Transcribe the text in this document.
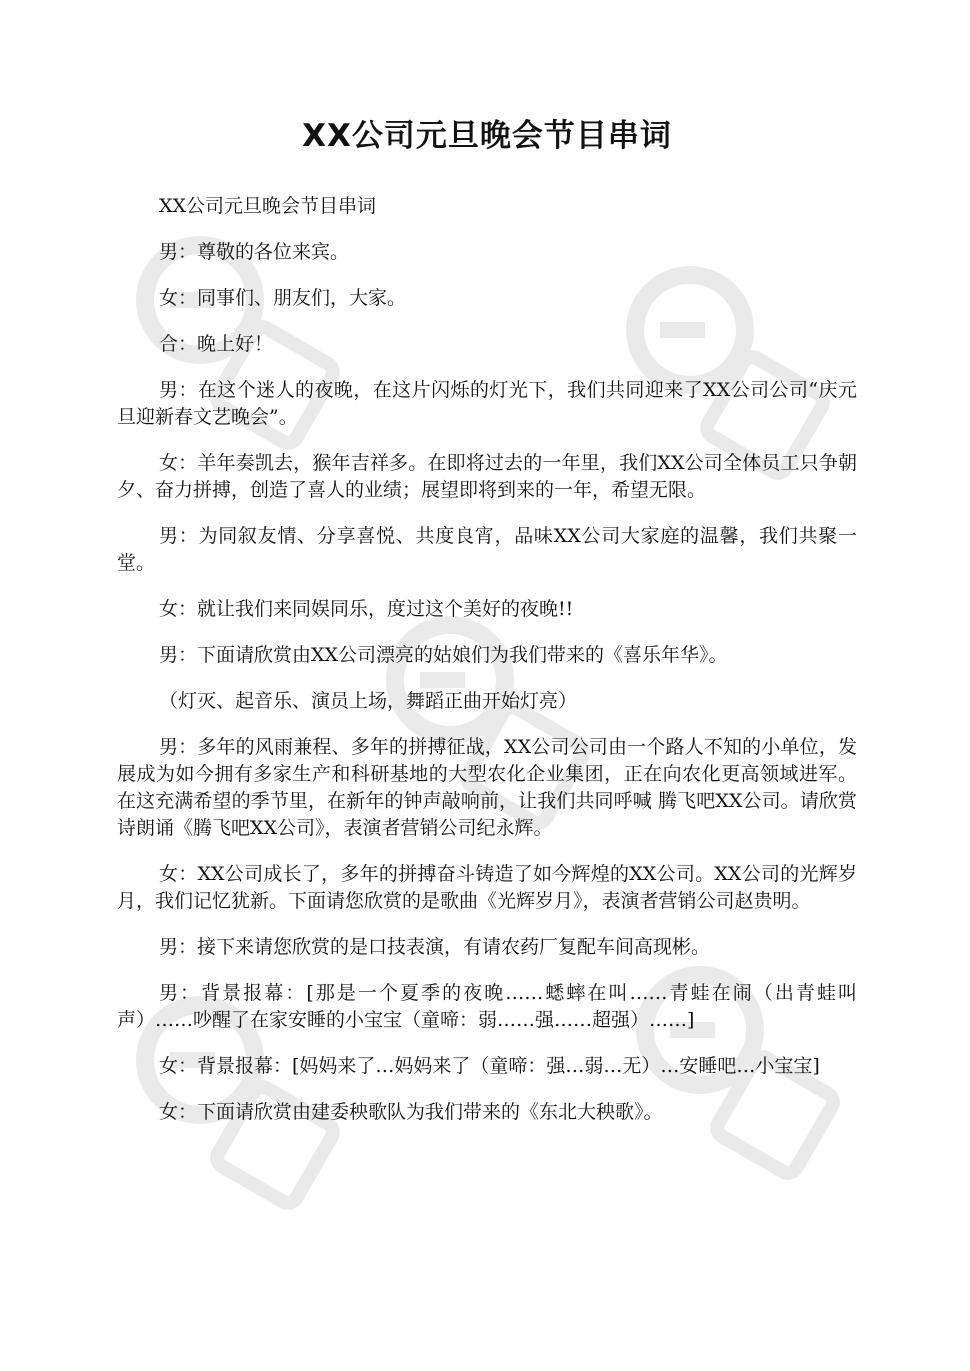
XX公司元旦晚会节目串词

XX公司元旦晚会节目串词

男：尊敬的各位来宾。

女：同事们、朋友们，大家。

合：晚上好！

男：在这个迷人的夜晚，在这片闪烁的灯光下，我们共同迎来了XX公司公司“庆元旦迎新春文艺晚会”。

女：羊年奏凯去，猴年吉祥多。在即将过去的一年里，我们XX公司全体员工只争朝夕、奋力拼搏，创造了喜人的业绩；展望即将到来的一年，希望无限。

男：为同叙友情、分享喜悦、共度良宵，品味XX公司大家庭的温馨，我们共聚一堂。

女：就让我们来同娱同乐，度过这个美好的夜晚!!

男：下面请欣赏由XX公司漂亮的姑娘们为我们带来的《喜乐年华》。

（灯灭、起音乐、演员上场，舞蹈正曲开始灯亮）

男：多年的风雨兼程、多年的拼搏征战，XX公司公司由一个路人不知的小单位，发展成为如今拥有多家生产和科研基地的大型农化企业集团，正在向农化更高领域进军。在这充满希望的季节里，在新年的钟声敲响前，让我们共同呼喊 腾飞吧XX公司。请欣赏诗朗诵《腾飞吧XX公司》，表演者营销公司纪永辉。

女：XX公司成长了，多年的拼搏奋斗铸造了如今辉煌的XX公司。XX公司的光辉岁月，我们记忆犹新。下面请您欣赏的是歌曲《光辉岁月》，表演者营销公司赵贵明。

男：接下来请您欣赏的是口技表演，有请农药厂复配车间高现彬。

男：背景报幕：[那是一个夏季的夜晚……蟋蟀在叫……青蛙在闹（出青蛙叫声）……吵醒了在家安睡的小宝宝（童啼：弱……强……超强）……]

女：背景报幕：[妈妈来了…妈妈来了（童啼：强…弱…无）…安睡吧…小宝宝]

女：下面请欣赏由建委秧歌队为我们带来的《东北大秧歌》。
